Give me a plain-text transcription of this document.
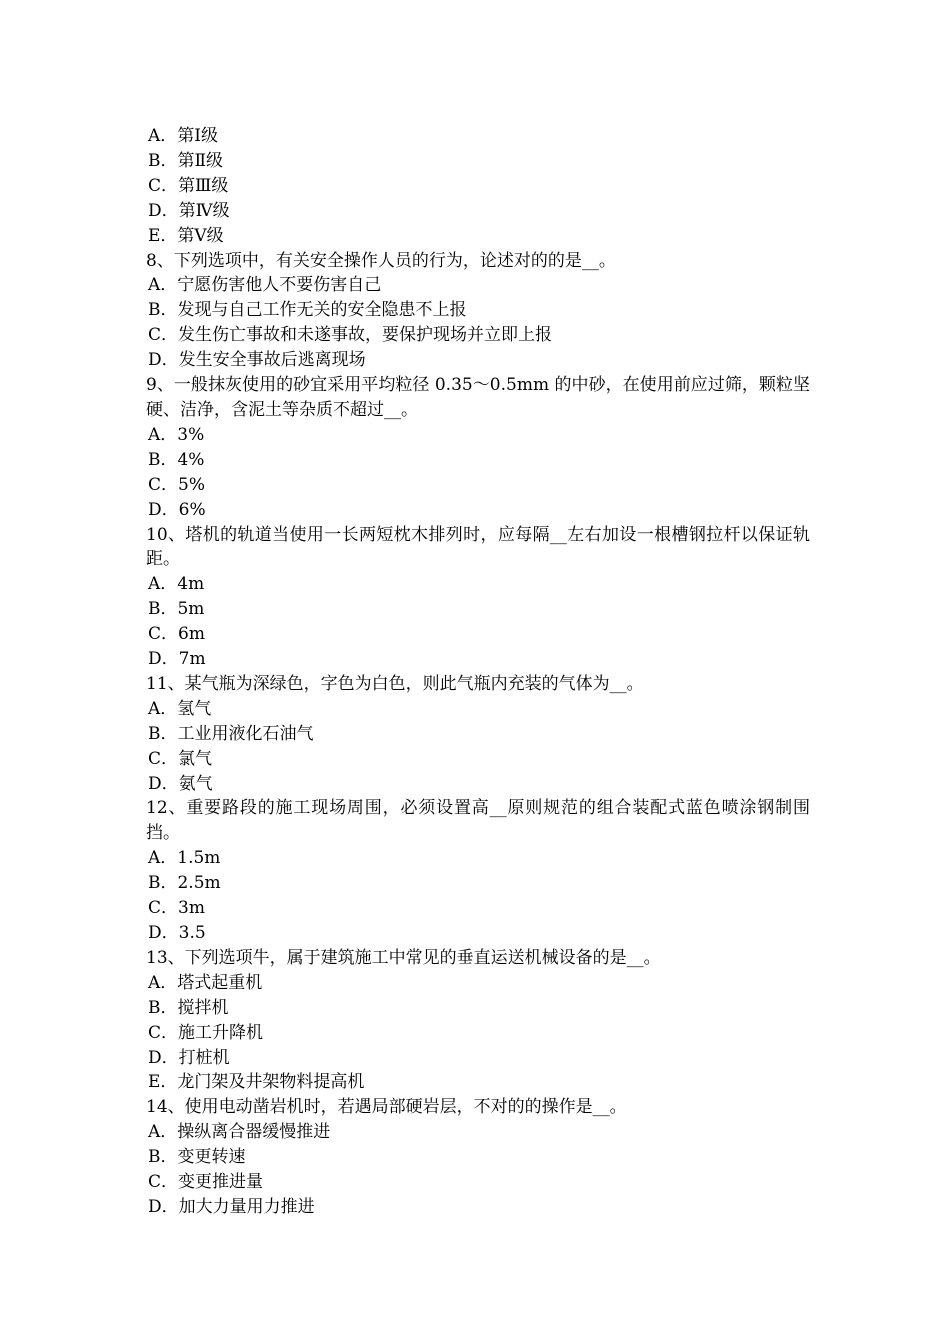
A．第Ⅰ级
B．第Ⅱ级
C．第Ⅲ级
D．第Ⅳ级
E．第Ⅴ级
8、下列选项中，有关安全操作人员的行为，论述对的的是__。
A．宁愿伤害他人不要伤害自己
B．发现与自己工作无关的安全隐患不上报
C．发生伤亡事故和未遂事故，要保护现场并立即上报
D．发生安全事故后逃离现场
9、一般抹灰使用的砂宜采用平均粒径 0.35～0.5mm 的中砂，在使用前应过筛，颗粒坚硬、洁净，含泥土等杂质不超过__。
A．3%
B．4%
C．5%
D．6%
10、塔机的轨道当使用一长两短枕木排列时，应每隔__左右加设一根槽钢拉杆以保证轨距。
A．4m
B．5m
C．6m
D．7m
11、某气瓶为深绿色，字色为白色，则此气瓶内充装的气体为__。
A．氢气
B．工业用液化石油气
C．氯气
D．氨气
12、重要路段的施工现场周围，必须设置高__原则规范的组合装配式蓝色喷涂钢制围挡。
A．1.5m
B．2.5m
C．3m
D．3.5
13、下列选项牛，属于建筑施工中常见的垂直运送机械设备的是__。
A．塔式起重机
B．搅拌机
C．施工升降机
D．打桩机
E．龙门架及井架物料提高机
14、使用电动凿岩机时，若遇局部硬岩层，不对的的操作是__。
A．操纵离合器缓慢推进
B．变更转速
C．变更推进量
D．加大力量用力推进
